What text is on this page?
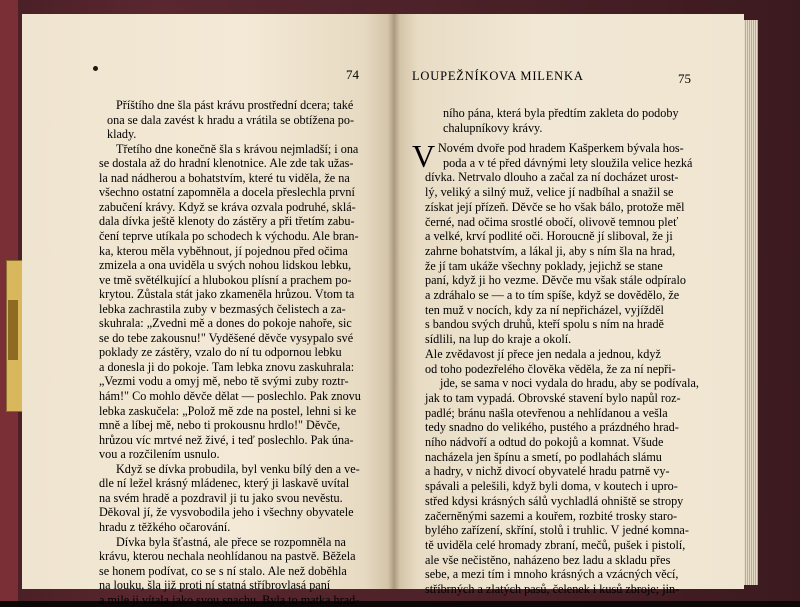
74	LOUPEŽNÍKOVA MILENKA	75
Příštího dne šla pást krávu prostřední dcera; také
ona se dala zavést k hradu a vrátila se obtížena po-
klady.
Třetího dne konečně šla s krávou nejmladší; i ona
se dostala až do hradní klenotnice. Ale zde tak užas-
la nad nádherou a bohatstvím, které tu viděla, že na
všechno ostatní zapomněla a docela přeslechla první
zabučení krávy. Když se kráva ozvala podruhé, sklá-
dala dívka ještě klenoty do zástěry a při třetím zabu-
čení teprve utíkala po schodech k východu. Ale bran-
ka, kterou měla vyběhnout, jí pojednou před očima
zmizela a ona uviděla u svých nohou lidskou lebku,
ve tmě světélkující a hlubokou plísní a prachem po-
krytou. Zůstala stát jako zkameněla hrůzou. Vtom ta
lebka zachrastila zuby v bezmasých čelistech a za-
skuhrala: „Zvedni mě a dones do pokoje nahoře, sic
se do tebe zakousnu!" Vyděšené děvče vysypalo své
poklady ze zástěry, vzalo do ní tu odpornou lebku
a donesla ji do pokoje. Tam lebka znovu zaskuhrala:
„Vezmi vodu a omyj mě, nebo tě svými zuby roztr-
hám!" Co mohlo děvče dělat — poslechlo. Pak znovu
lebka zaskučela: „Polož mě zde na postel, lehni si ke
mně a líbej mě, nebo ti prokousnu hrdlo!" Děvče,
hrůzou víc mrtvé než živé, i teď poslechlo. Pak úna-
vou a rozčilením usnulo.
Když se dívka probudila, byl venku bílý den a ve-
dle ní ležel krásný mládenec, který ji laskavě uvítal
na svém hradě a pozdravil ji tu jako svou nevěstu.
Děkoval jí, že vysvobodila jeho i všechny obyvatele
hradu z těžkého očarování.
Dívka byla šťastná, ale přece se rozpomněla na
krávu, kterou nechala neohlídanou na pastvě. Běžela
se honem podívat, co se s ní stalo. Ale než doběhla
na louku, šla již proti ní statná stříbrovlasá paní
a mile ji vítala jako svou snachu. Byla to matka hrad-
V
ního pána, která byla předtím zakleta do podoby
chalupníkovy krávy.
Novém dvoře pod hradem Kašperkem bývala hos-
poda a v té před dávnými lety sloužila velice hezká
dívka. Netrvalo dlouho a začal za ní docházet urost-
lý, veliký a silný muž, velice jí nadbíhal a snažil se
získat její přízeň. Děvče se ho však bálo, protože měl
černé, nad očima srostlé obočí, olivově temnou pleť
a velké, krví podlité oči. Horoucně jí sliboval, že ji
zahrne bohatstvím, a lákal ji, aby s ním šla na hrad,
že jí tam ukáže všechny poklady, jejichž se stane
paní, když ji ho vezme. Děvče mu však stále odpíralo
a zdráhalo se — a to tím spíše, když se dovědělo, že
ten muž v nocích, kdy za ní nepřicházel, vyjížděl
s bandou svých druhů, kteří spolu s ním na hradě
sídlili, na lup do kraje a okolí.
Ale zvědavost jí přece jen nedala a jednou, když
od toho podezřelého člověka věděla, že za ní nepři-
jde, se sama v noci vydala do hradu, aby se podívala,
jak to tam vypadá. Obrovské stavení bylo napůl roz-
padlé; bránu našla otevřenou a nehlídanou a vešla
tedy snadno do velikého, pustého a prázdného hrad-
ního nádvoří a odtud do pokojů a komnat. Všude
nacházela jen špínu a smetí, po podlahách slámu
a hadry, v nichž divocí obyvatelé hradu patrně vy-
spávali a pelešili, když byli doma, v koutech i upro-
střed kdysi krásných sálů vychladlá ohniště se stropy
začerněnými sazemi a kouřem, rozbité trosky staro-
bylého zařízení, skříní, stolů i truhlic. V jedné komna-
tě uviděla celé hromady zbraní, mečů, pušek i pistolí,
ale vše nečistěno, naházeno bez ladu a skladu přes
sebe, a mezi tím i mnoho krásných a vzácných věcí,
stříbrných a zlatých pasů, čelenek i kusů zbroje; jin-
